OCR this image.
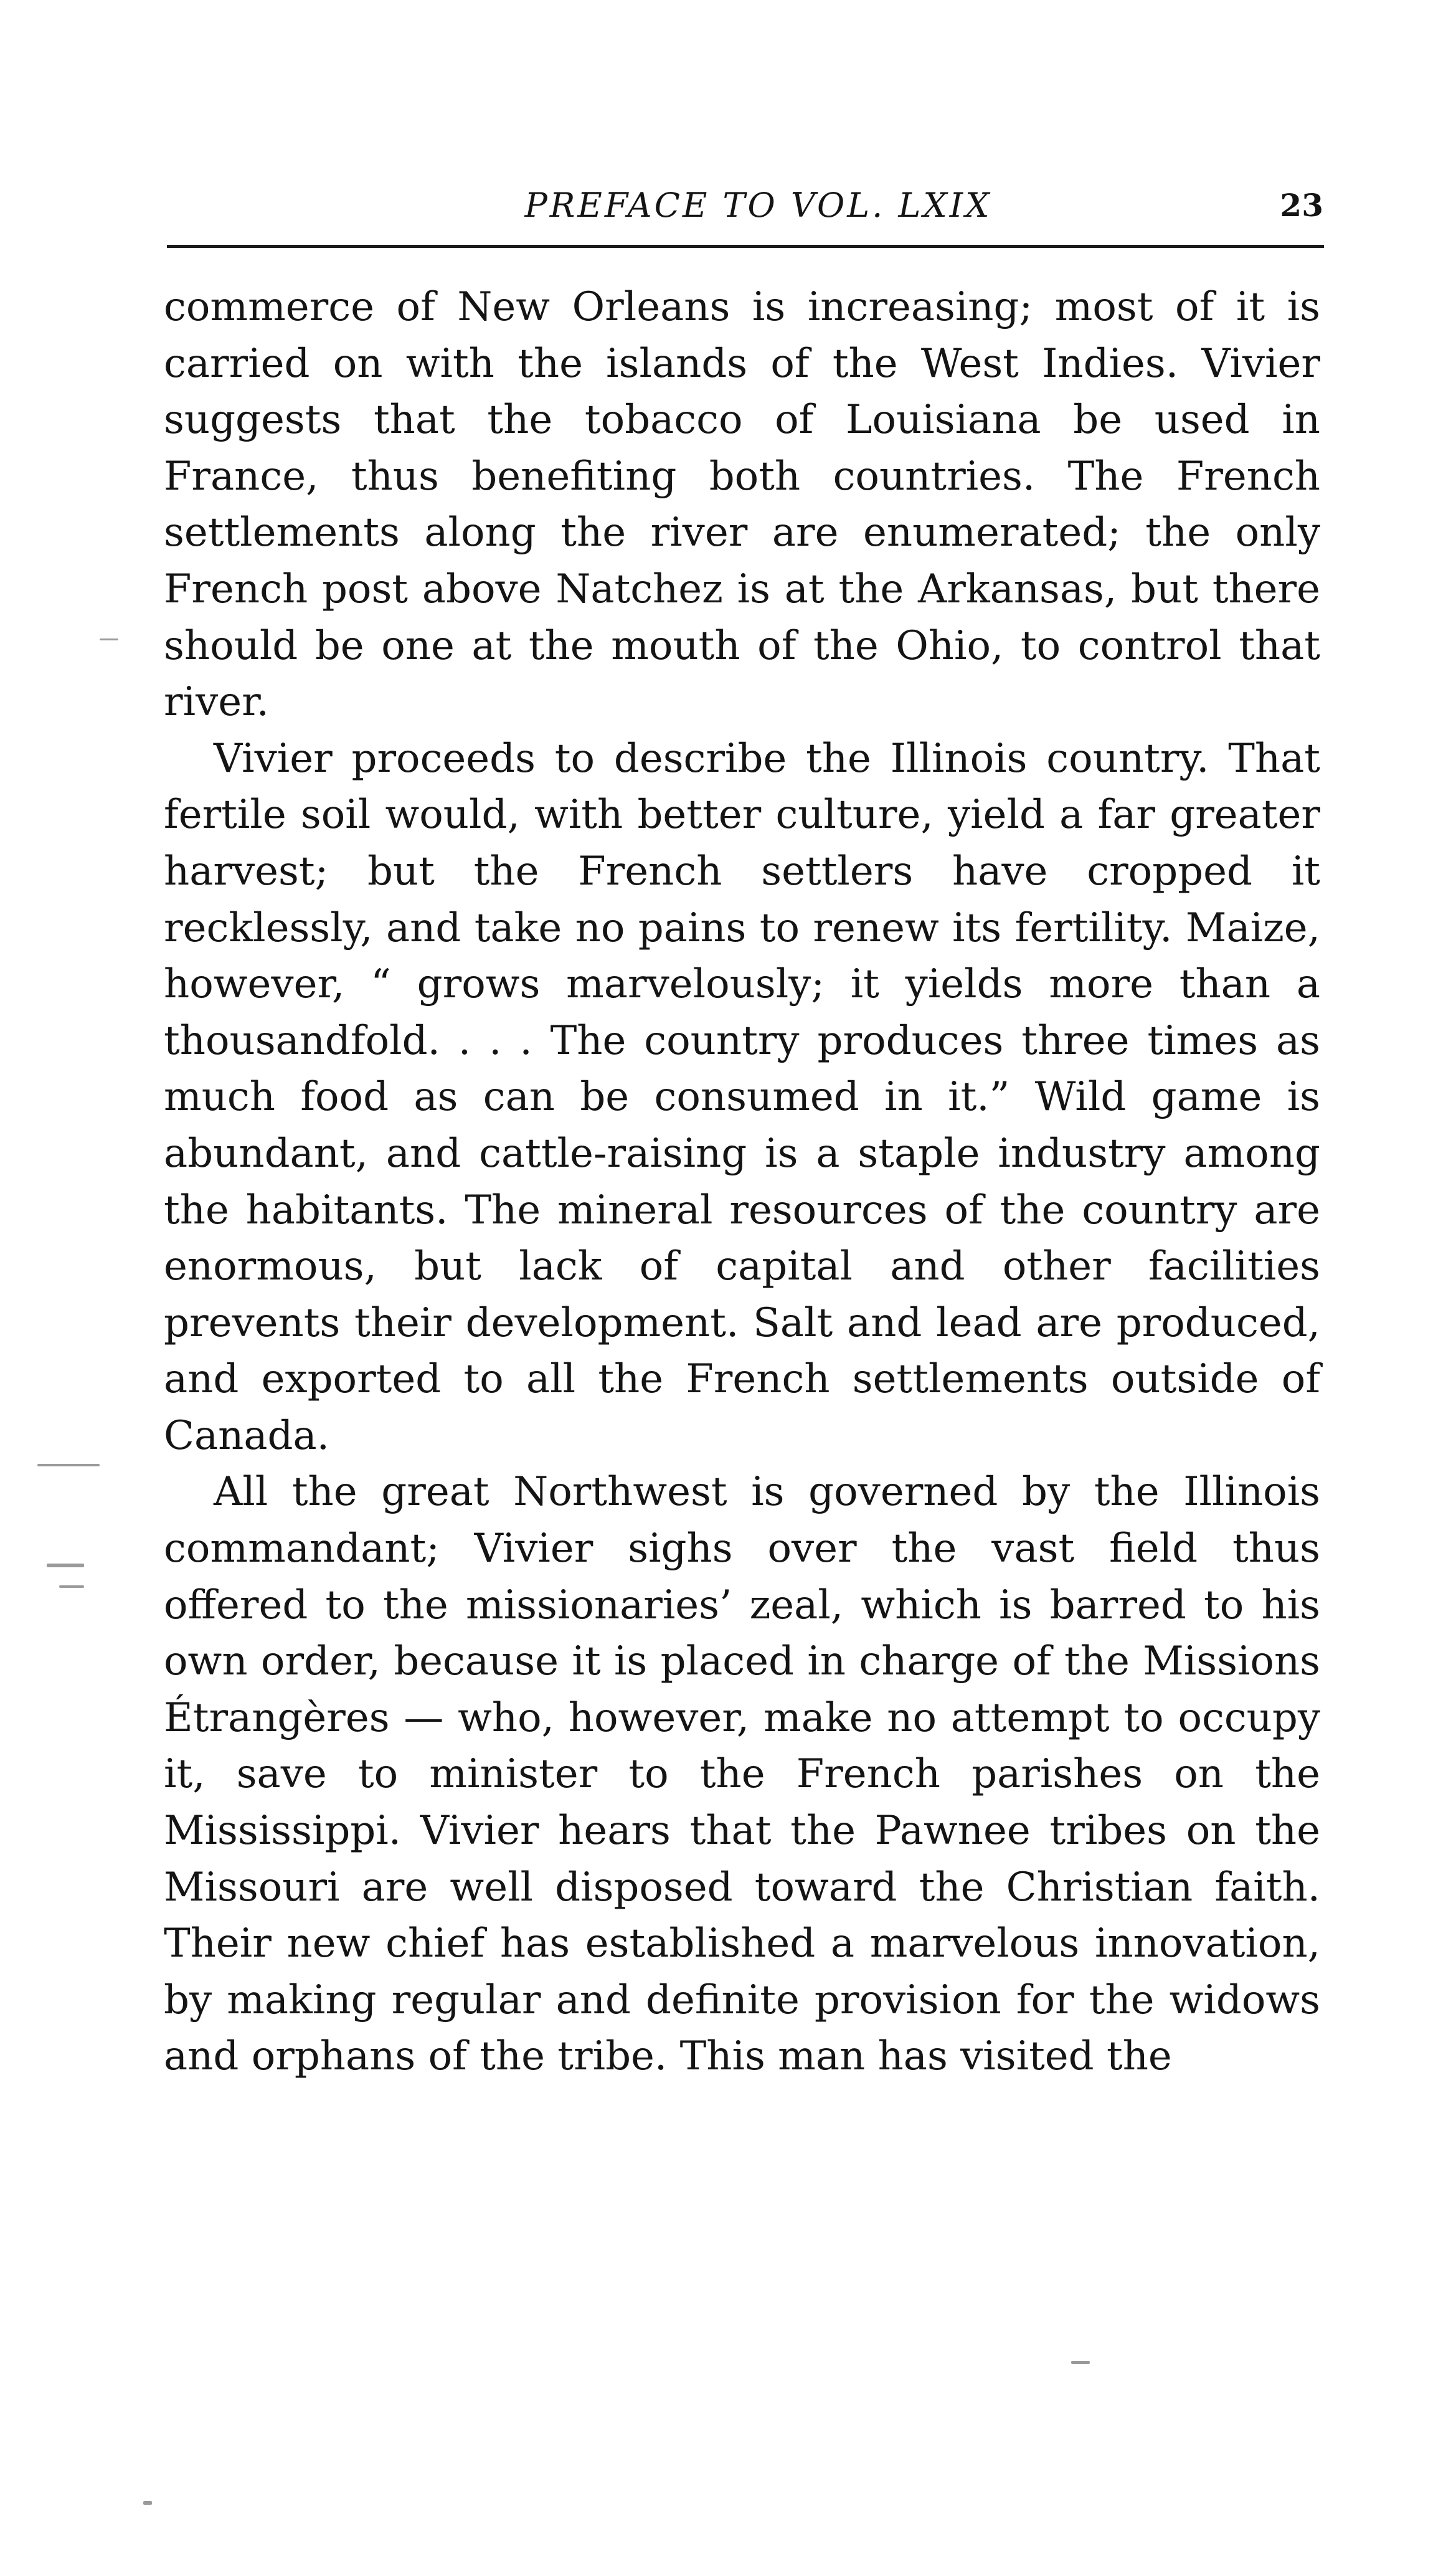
PREFACE TO VOL. LXIX	23

commerce of New Orleans is increasing; most of it is carried on with the islands of the West Indies. Vivier suggests that the tobacco of Louisiana be used in France, thus benefiting both countries. The French settlements along the river are enumerated; the only French post above Natchez is at the Arkansas, but there should be one at the mouth of the Ohio, to control that river.

Vivier proceeds to describe the Illinois country. That fertile soil would, with better culture, yield a far greater harvest; but the French settlers have cropped it recklessly, and take no pains to renew its fertility. Maize, however, “ grows marvelously; it yields more than a thousandfold. . . . The country produces three times as much food as can be consumed in it.” Wild game is abundant, and cattle-raising is a staple industry among the habitants. The mineral resources of the country are enormous, but lack of capital and other facilities prevents their development. Salt and lead are produced, and exported to all the French settlements outside of Canada.

All the great Northwest is governed by the Illinois commandant; Vivier sighs over the vast field thus offered to the missionaries’ zeal, which is barred to his own order, because it is placed in charge of the Missions Étrangères — who, however, make no attempt to occupy it, save to minister to the French parishes on the Mississippi. Vivier hears that the Pawnee tribes on the Missouri are well disposed toward the Christian faith. Their new chief has established a marvelous innovation, by making regular and definite provision for the widows and orphans of the tribe. This man has visited the
